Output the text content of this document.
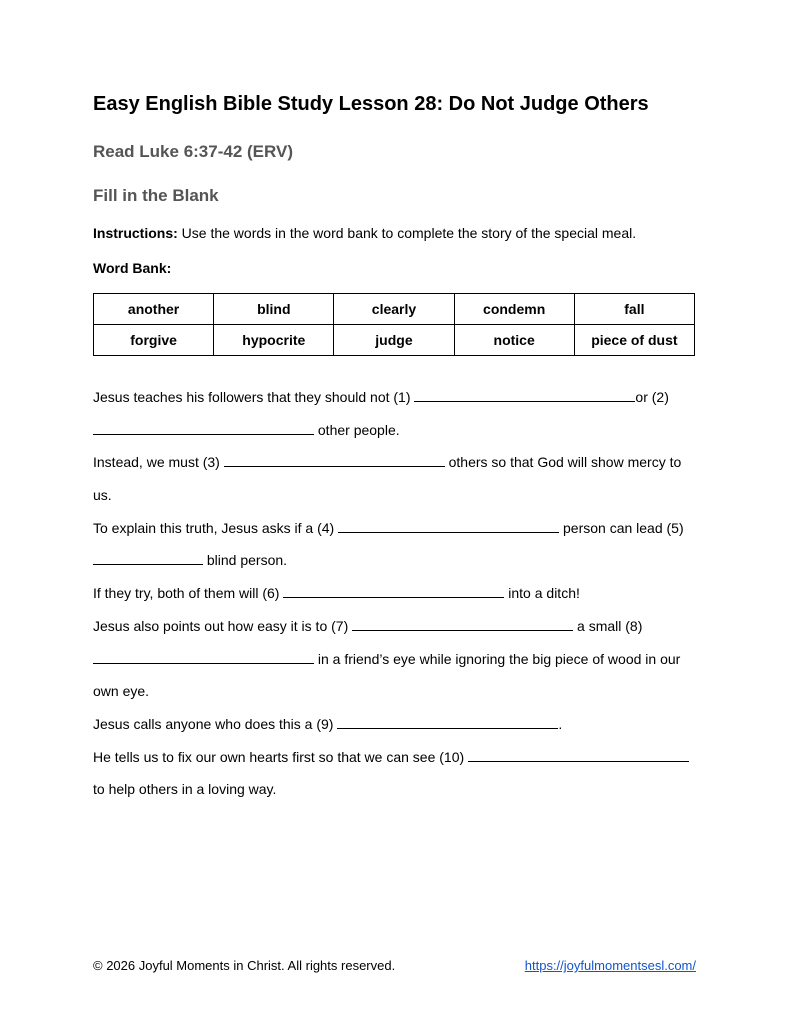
Easy English Bible Study Lesson 28: Do Not Judge Others
Read Luke 6:37-42 (ERV)
Fill in the Blank
Instructions: Use the words in the word bank to complete the story of the special meal.
Word Bank:
another	blind	clearly	condemn	fall
forgive	hypocrite	judge	notice	piece of dust
Jesus teaches his followers that they should not (1)	or (2)
other people.
Instead, we must (3)	others so that God will show mercy to
us.
To explain this truth, Jesus asks if a (4)	person can lead (5)
blind person.
If they try, both of them will (6)	into a ditch!
Jesus also points out how easy it is to (7)	a small (8)
in a friend’s eye while ignoring the big piece of wood in our
own eye.
Jesus calls anyone who does this a (9)	.
He tells us to fix our own hearts first so that we can see (10)
to help others in a loving way.
© 2026 Joyful Moments in Christ. All rights reserved.	https://joyfulmomentsesl.com/
